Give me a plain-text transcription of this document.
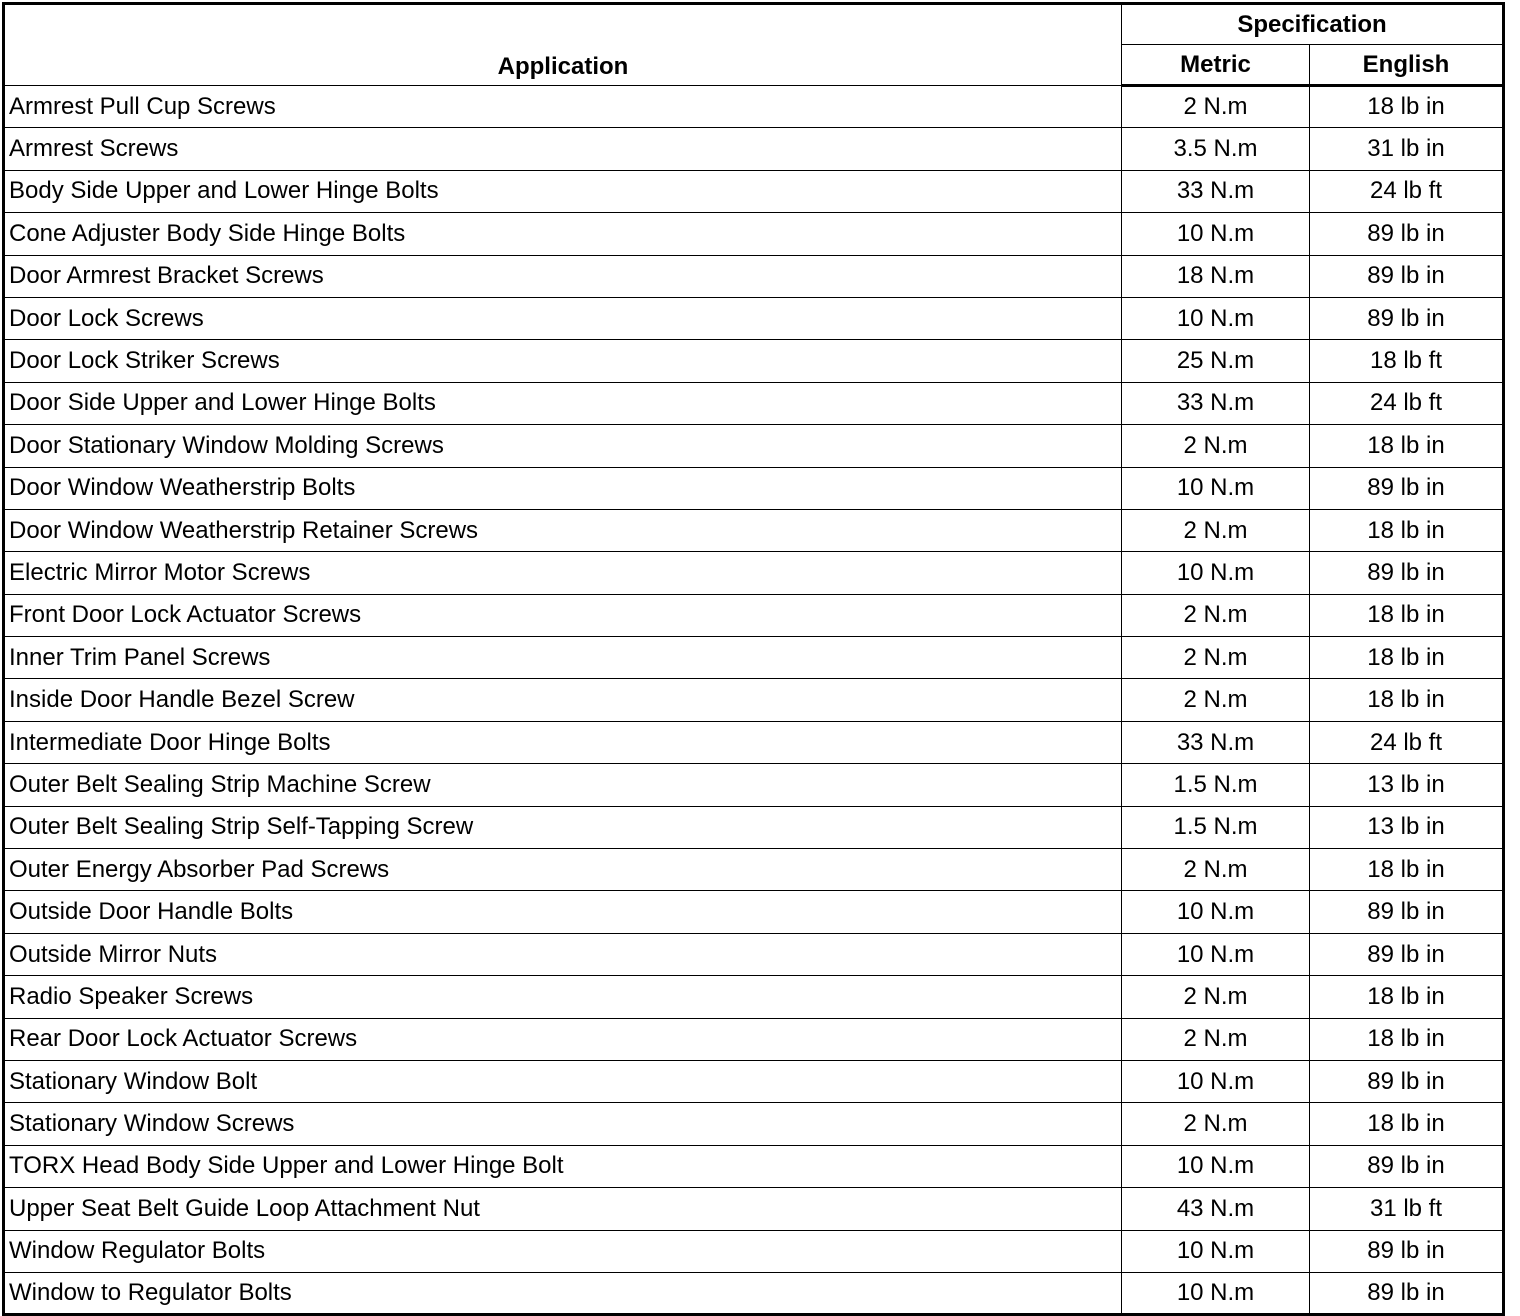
Application	Specification	
	Metric	English
Armrest Pull Cup Screws	2 N.m	18 lb in
Armrest Screws	3.5 N.m	31 lb in
Body Side Upper and Lower Hinge Bolts	33 N.m	24 lb ft
Cone Adjuster Body Side Hinge Bolts	10 N.m	89 lb in
Door Armrest Bracket Screws	18 N.m	89 lb in
Door Lock Screws	10 N.m	89 lb in
Door Lock Striker Screws	25 N.m	18 lb ft
Door Side Upper and Lower Hinge Bolts	33 N.m	24 lb ft
Door Stationary Window Molding Screws	2 N.m	18 lb in
Door Window Weatherstrip Bolts	10 N.m	89 lb in
Door Window Weatherstrip Retainer Screws	2 N.m	18 lb in
Electric Mirror Motor Screws	10 N.m	89 lb in
Front Door Lock Actuator Screws	2 N.m	18 lb in
Inner Trim Panel Screws	2 N.m	18 lb in
Inside Door Handle Bezel Screw	2 N.m	18 lb in
Intermediate Door Hinge Bolts	33 N.m	24 lb ft
Outer Belt Sealing Strip Machine Screw	1.5 N.m	13 lb in
Outer Belt Sealing Strip Self-Tapping Screw	1.5 N.m	13 lb in
Outer Energy Absorber Pad Screws	2 N.m	18 lb in
Outside Door Handle Bolts	10 N.m	89 lb in
Outside Mirror Nuts	10 N.m	89 lb in
Radio Speaker Screws	2 N.m	18 lb in
Rear Door Lock Actuator Screws	2 N.m	18 lb in
Stationary Window Bolt	10 N.m	89 lb in
Stationary Window Screws	2 N.m	18 lb in
TORX Head Body Side Upper and Lower Hinge Bolt	10 N.m	89 lb in
Upper Seat Belt Guide Loop Attachment Nut	43 N.m	31 lb ft
Window Regulator Bolts	10 N.m	89 lb in
Window to Regulator Bolts	10 N.m	89 lb in
